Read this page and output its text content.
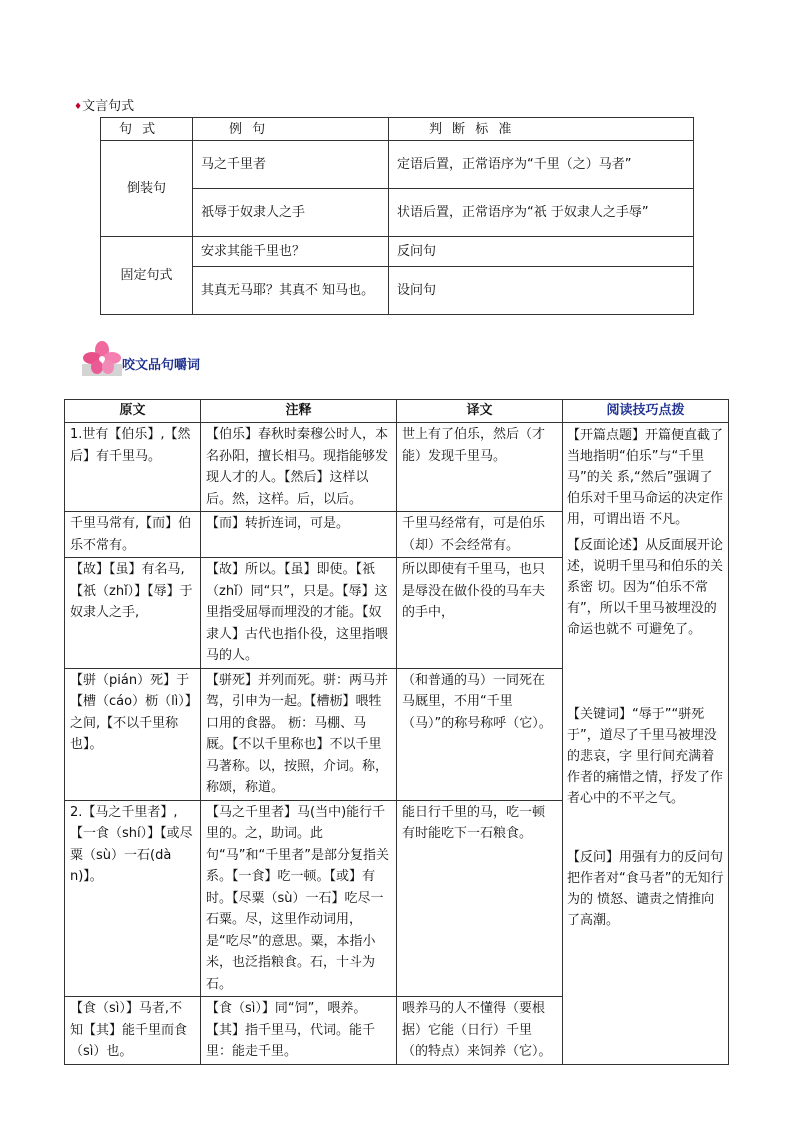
♦文言句式
句 式	例 句	判 断 标 准
倒装句	马之千里者	定语后置，正常语序为“千里（之）马者”
	祇辱于奴隶人之手	状语后置，正常语序为“祇 于奴隶人之手辱”
固定句式	安求其能千里也？	反问句
	其真无马耶？其真不 知马也。	设问句
咬文品句嚼词
原文	注释	译文	阅读技巧点拨
1.世有【伯乐】,【然后】有千里马。	【伯乐】春秋时秦穆公时人，本名孙阳，擅长相马。现指能够发现人才的人。【然后】这样以后。然，这样。后，以后。	世上有了伯乐，然后（才能）发现千里马。	【开篇点题】开篇便直截了当地指明“伯乐”与“千里马”的关 系,“然后”强调了伯乐对千里马命运的决定作用，可谓出语 不凡。

【反面论述】从反面展开论述，说明千里马和伯乐的关系密 切。因为“伯乐不常有”，所以千里马被埋没的命运也就不 可避免了。

【关键词】“辱于”“骈死于”，道尽了千里马被埋没的悲哀，字 里行间充满着作者的痛惜之情，抒发了作者心中的不平之气。

【反问】用强有力的反问句把作者对“食马者”的无知行为的 愤怒、谴责之情推向了高潮。

千里马常有,【而】伯乐不常有。	【而】转折连词，可是。	千里马经常有，可是伯乐（却）不会经常有。	
【故】【虽】有名马,【祇（zhǐ）】【辱】于奴隶人之手,	【故】所以。【虽】即使。【祇（zhǐ）同“只”，只是。【辱】这里指受屈辱而埋没的才能。【奴隶人】古代也指仆役，这里指喂马的人。	所以即使有千里马，也只是辱没在做仆役的马车夫的手中，	
【骈（pián）死】于【槽（cáo）枥（lì）】之间,【不以千里称也】。	【骈死】并列而死。骈：两马并驾，引申为一起。【槽枥】喂牲口用的食器。 枥：马棚、马厩。【不以千里称也】不以千里马著称。以，按照，介词。称，称颂，称道。	（和普通的马）一同死在马厩里，不用“千里（马）”的称号称呼（它）。	
2.【马之千里者】,【一食（shí）】【或尽粟（sù）一石(dàn)】。	【马之千里者】马(当中)能行千里的。之，助词。此句“马”和“千里者”是部分复指关系。【一食】吃一顿。【或】有时。【尽粟（sù）一石】吃尽一石粟。尽，这里作动词用，是“吃尽”的意思。粟，本指小米，也泛指粮食。石，十斗为石。	能日行千里的马，吃一顿有时能吃下一石粮食。	
【食（sì）】马者,不知【其】能千里而食（sì）也。	【食（sì）】同“饲”，喂养。【其】指千里马，代词。能千里：能走千里。	喂养马的人不懂得（要根据）它能（日行）千里（的特点）来饲养（它）。	
